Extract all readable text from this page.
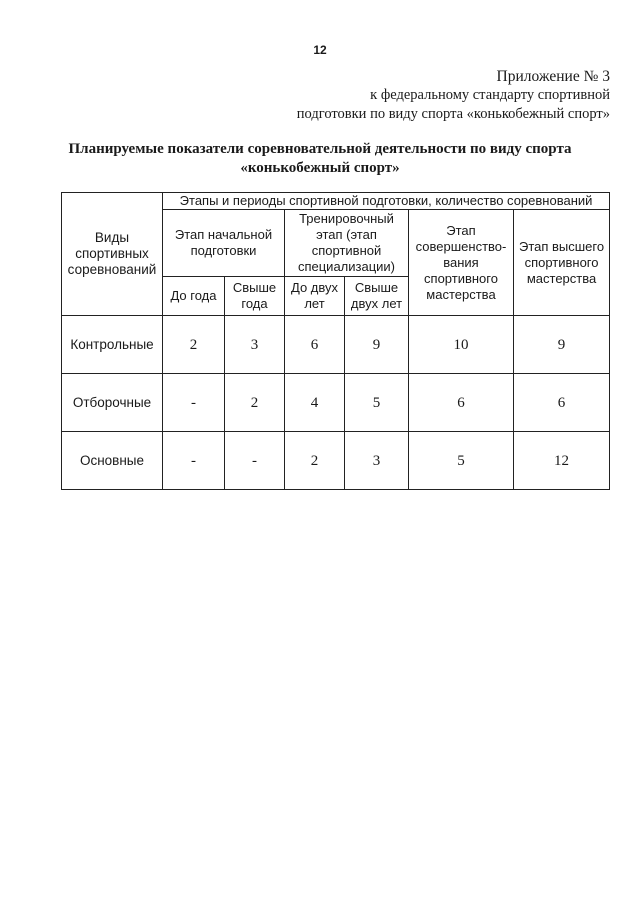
12
Приложение № 3
к федеральному стандарту спортивной
подготовки по виду спорта «конькобежный спорт»
Планируемые показатели соревновательной деятельности по виду спорта
«конькобежный спорт»
Виды спортивных соревнований	Этапы и периоды спортивной подготовки, количество соревнований					
	Этап начальной подготовки		Тренировочный этап (этап спортивной специализации)		Этап совершенство-вания спортивного мастерства	Этап высшего спортивного мастерства
	До года	Свыше года	До двух лет	Свыше двух лет		
Контрольные	2	3	6	9	10	9
Отборочные	-	2	4	5	6	6
Основные	-	-	2	3	5	12
